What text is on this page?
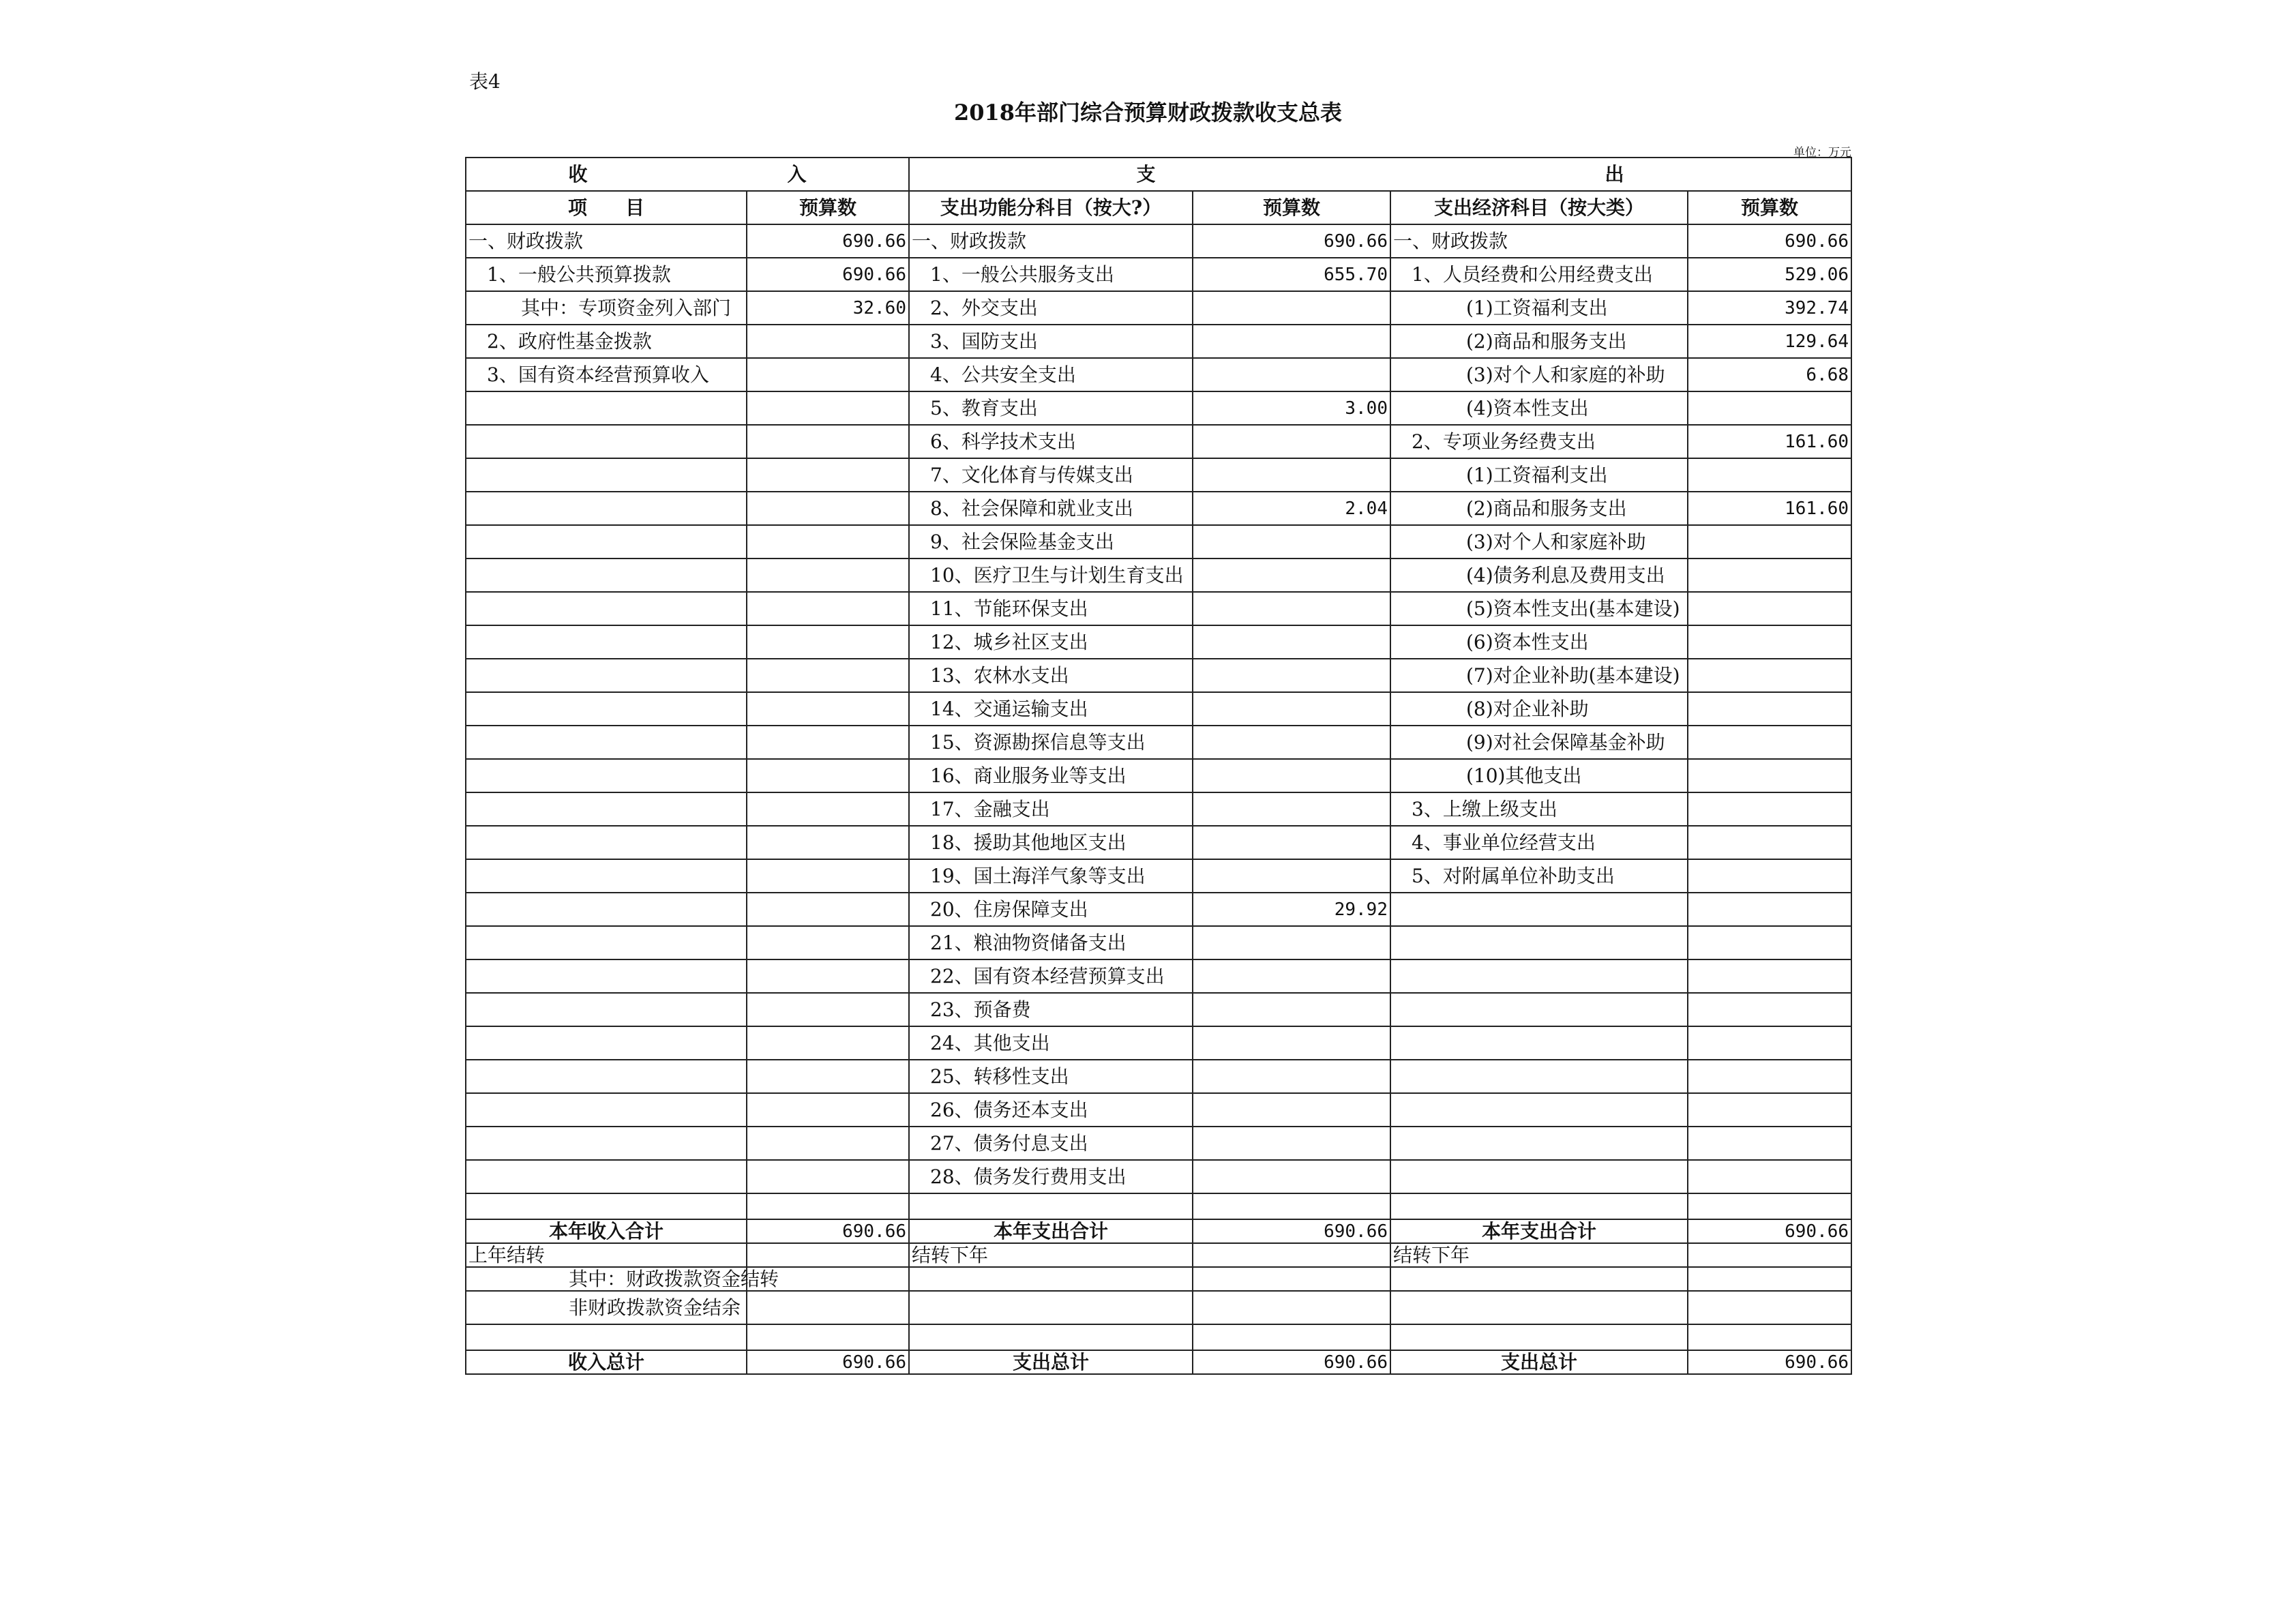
表4
2018年部门综合预算财政拨款收支总表
单位：万元
收 入		支 出			

项　　目	预算数	支出功能分科目（按大?）	预算数	支出经济科目（按大类）	预算数
一、财政拨款	690.66	一、财政拨款	690.66	一、财政拨款	690.66
1、一般公共预算拨款	690.66	1、一般公共服务支出	655.70	1、人员经费和公用经费支出	529.06
其中：专项资金列入部门	32.60	2、外交支出		(1)工资福利支出	392.74
2、政府性基金拨款		3、国防支出		(2)商品和服务支出	129.64
3、国有资本经营预算收入		4、公共安全支出		(3)对个人和家庭的补助	6.68
		5、教育支出	3.00	(4)资本性支出	
		6、科学技术支出		2、专项业务经费支出	161.60
		7、文化体育与传媒支出		(1)工资福利支出	
		8、社会保障和就业支出	2.04	(2)商品和服务支出	161.60
		9、社会保险基金支出		(3)对个人和家庭补助	
		10、医疗卫生与计划生育支出		(4)债务利息及费用支出	
		11、节能环保支出		(5)资本性支出(基本建设)	
		12、城乡社区支出		(6)资本性支出	
		13、农林水支出		(7)对企业补助(基本建设)	
		14、交通运输支出		(8)对企业补助	
		15、资源勘探信息等支出		(9)对社会保障基金补助	
		16、商业服务业等支出		(10)其他支出	
		17、金融支出		3、上缴上级支出	
		18、援助其他地区支出		4、事业单位经营支出	
		19、国土海洋气象等支出		5、对附属单位补助支出	
		20、住房保障支出	29.92		
		21、粮油物资储备支出			
		22、国有资本经营预算支出			
		23、预备费			
		24、其他支出			
		25、转移性支出			
		26、债务还本支出			
		27、债务付息支出			
		28、债务发行费用支出			

本年收入合计	690.66	本年支出合计	690.66	本年支出合计	690.66
上年结转		结转下年		结转下年	
其中：财政拨款资金结转					
非财政拨款资金结余					

收入总计	690.66	支出总计	690.66	支出总计	690.66
